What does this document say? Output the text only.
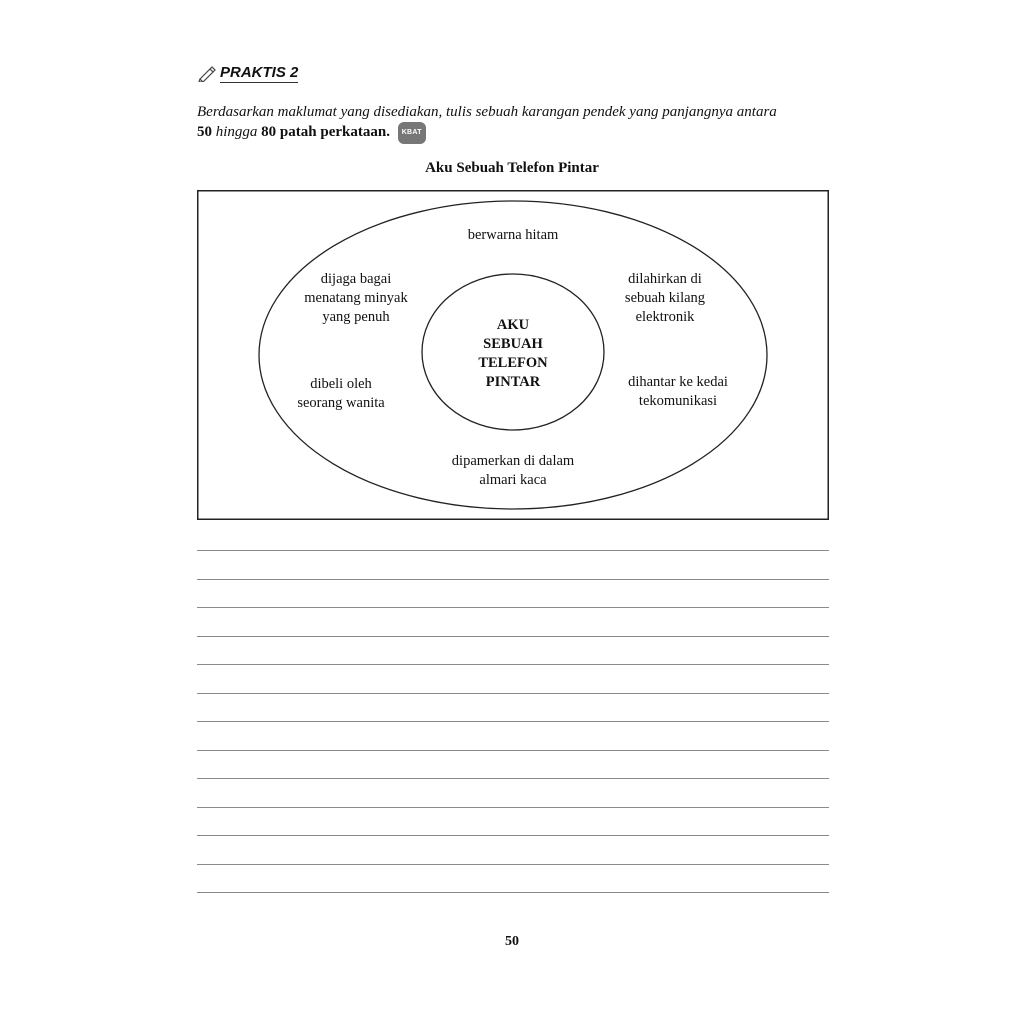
PRAKTIS 2
Berdasarkan maklumat yang disediakan, tulis sebuah karangan pendek yang panjangnya antara
50 hingga 80 patah perkataan. KBAT
Aku Sebuah Telefon Pintar
AKU
SEBUAH
TELEFON
PINTAR
berwarna hitam
dijaga bagai
menatang minyak
yang penuh
dilahirkan di
sebuah kilang
elektronik
dibeli oleh
seorang wanita
dihantar ke kedai
tekomunikasi
dipamerkan di dalam
almari kaca
50
